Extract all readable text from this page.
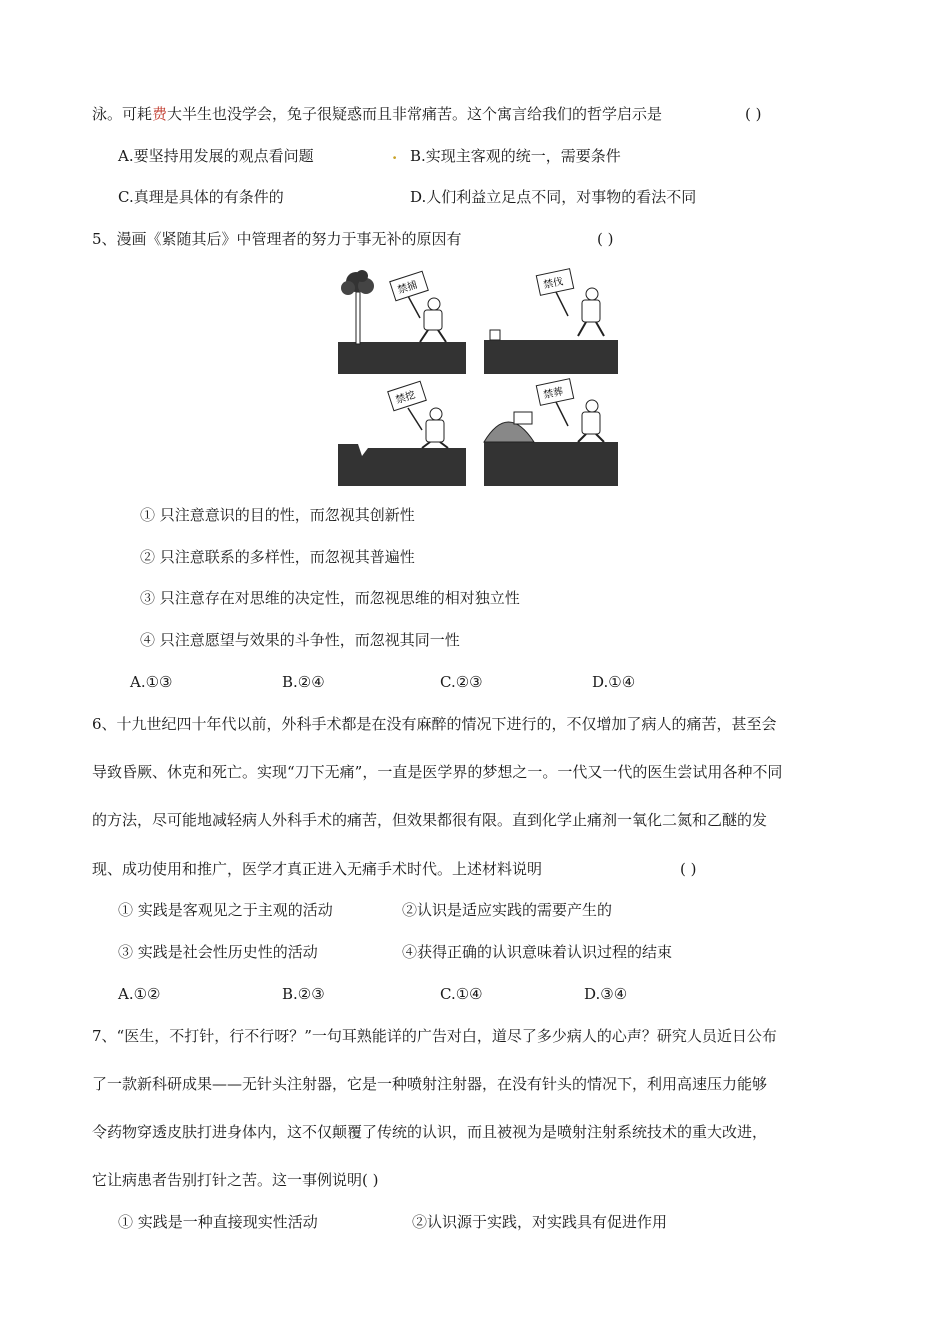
泳。可耗费大半生也没学会，兔子很疑惑而且非常痛苦。这个寓言给我们的哲学启示是	( )
A.要坚持用发展的观点看问题	. B.实现主客观的统一，需要条件
C.真理是具体的有条件的	D.人们利益立足点不同，对事物的看法不同
5、漫画《紧随其后》中管理者的努力于事无补的原因有	( )
禁捕	禁伐
禁挖	禁葬
① 只注意意识的目的性，而忽视其创新性
② 只注意联系的多样性，而忽视其普遍性
③ 只注意存在对思维的决定性，而忽视思维的相对独立性
④ 只注意愿望与效果的斗争性，而忽视其同一性
A.①③	B.②④	C.②③	D.①④
6、十九世纪四十年代以前，外科手术都是在没有麻醉的情况下进行的，不仅增加了病人的痛苦，甚至会
导致昏厥、休克和死亡。实现“刀下无痛”，一直是医学界的梦想之一。一代又一代的医生尝试用各种不同
的方法，尽可能地减轻病人外科手术的痛苦，但效果都很有限。直到化学止痛剂一氧化二氮和乙醚的发
现、成功使用和推广，医学才真正进入无痛手术时代。上述材料说明	( )
① 实践是客观见之于主观的活动	②认识是适应实践的需要产生的
③ 实践是社会性历史性的活动	④获得正确的认识意味着认识过程的结束
A.①②	B.②③	C.①④	D.③④
7、“医生，不打针，行不行呀？”一句耳熟能详的广告对白，道尽了多少病人的心声？研究人员近日公布
了一款新科研成果——无针头注射器，它是一种喷射注射器，在没有针头的情况下，利用高速压力能够
令药物穿透皮肤打进身体内，这不仅颠覆了传统的认识，而且被视为是喷射注射系统技术的重大改进，
它让病患者告别打针之苦。这一事例说明( )
① 实践是一种直接现实性活动	②认识源于实践，对实践具有促进作用
